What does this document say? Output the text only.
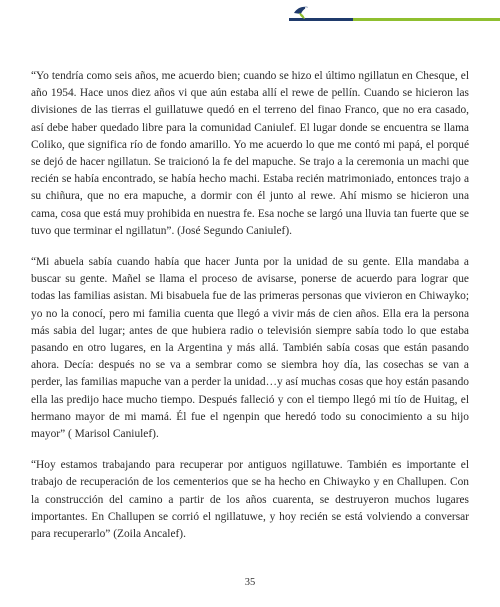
“Yo tendría como seis años, me acuerdo bien; cuando se hizo el último ngillatun en Chesque, el año 1954. Hace unos diez años vi que aún estaba allí el rewe de pellín. Cuando se hicieron las divisiones de las tierras el guillatuwe quedó en el terreno del finao Franco, que no era casado, así debe haber quedado libre para la comunidad Caniulef. El lugar donde se encuentra se llama Coliko, que significa río de fondo amarillo. Yo me acuerdo lo que me contó mi papá, el porqué se dejó de hacer ngillatun. Se traicionó la fe del mapuche. Se trajo a la ceremonia un machi que recién se había encontrado, se había hecho machi. Estaba recién matrimoniado, entonces trajo a su chiñura, que no era mapuche, a dormir con él junto al rewe. Ahí mismo se hicieron una cama, cosa que está muy prohibida en nuestra fe. Esa noche se largó una lluvia tan fuerte que se tuvo que terminar el ngillatun”. (José Segundo Caniulef).

“Mi abuela sabía cuando había que hacer Junta por la unidad de su gente. Ella mandaba a buscar su gente. Mañel se llama el proceso de avisarse, ponerse de acuerdo para lograr que todas las familias asistan. Mi bisabuela fue de las primeras personas que vivieron en Chiwayko; yo no la conocí, pero mi familia cuenta que llegó a vivir más de cien años. Ella era la persona más sabia del lugar; antes de que hubiera radio o televisión siempre sabía todo lo que estaba pasando en otro lugares, en la Argentina y más allá. También sabía cosas que están pasando ahora. Decía: después no se va a sembrar como se siembra hoy día, las cosechas se van a perder, las familias mapuche van a perder la unidad…y así muchas cosas que hoy están pasando ella las predijo hace mucho tiempo. Después falleció y con el tiempo llegó mi tío de Huitag, el hermano mayor de mi mamá. Él fue el ngenpin que heredó todo su conocimiento a su hijo mayor” ( Marisol Caniulef).

“Hoy estamos trabajando para recuperar por antiguos ngillatuwe. También es importante el trabajo de recuperación de los cementerios que se ha hecho en Chiwayko y en Challupen. Con la construcción del camino a partir de los años cuarenta, se destruyeron muchos lugares importantes. En Challupen se corrió el ngillatuwe, y hoy recién se está volviendo a conversar para recuperarlo” (Zoila Ancalef).

35
